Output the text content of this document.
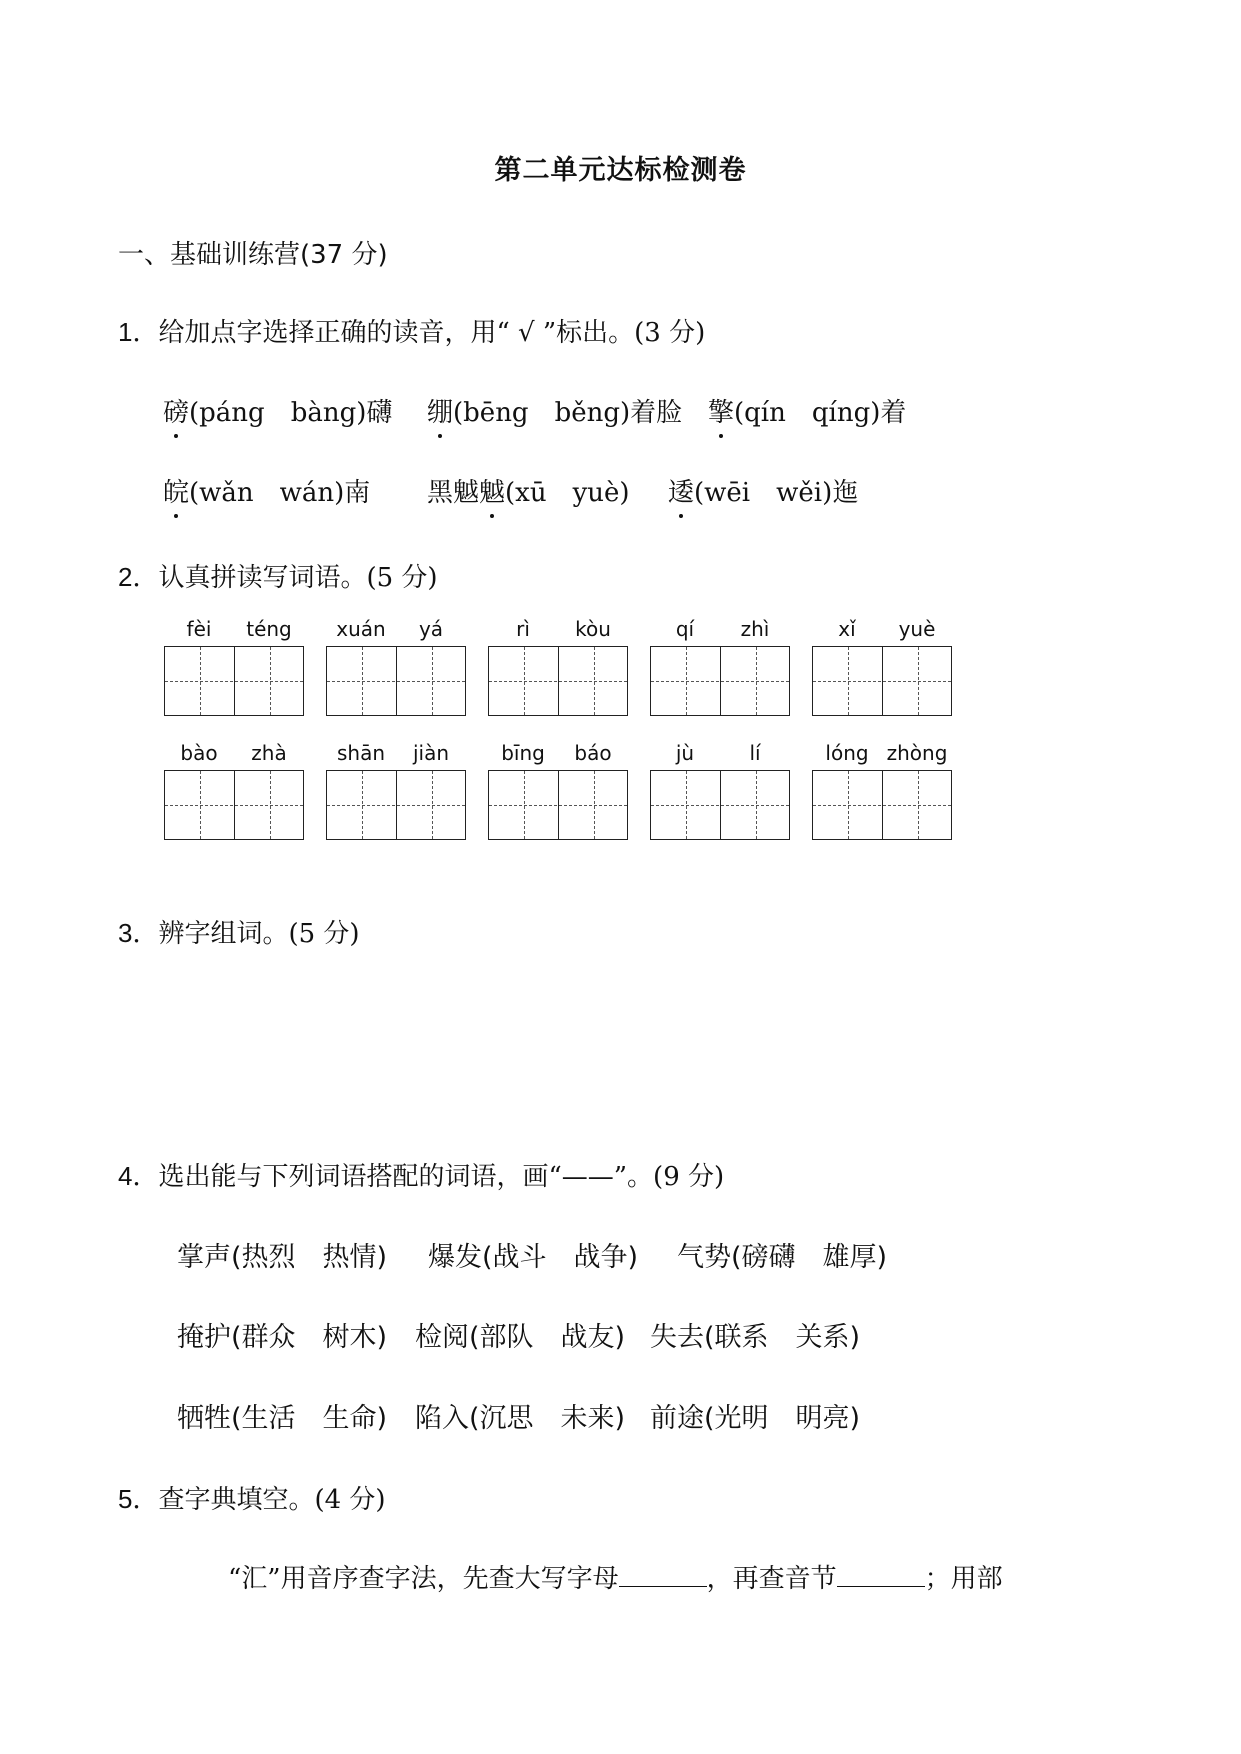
第二单元达标检测卷
一、基础训练营(37 分)
1．给加点字选择正确的读音，用“ √ ”标出。(3 分)
磅(páng　bàng)礴 绷(bēng　běng)着脸 擎(qín　qíng)着
皖(wǎn　wán)南 黑魆魆(xū　yuè) 逶(wēi　wěi)迤
2．认真拼读写词语。(5 分)
fèi	téng	xuán	yá	rì	kòu	qí	zhì	xǐ	yuè
bào	zhà	shān	jiàn	bīng	báo	jù	lí	lóng zhòng
3．辨字组词。(5 分)
4．选出能与下列词语搭配的词语，画“——”。(9 分)
掌声(热烈　热情) 爆发(战斗　战争) 气势(磅礴　雄厚)
掩护(群众　树木) 检阅(部队　战友) 失去(联系　关系)
牺牲(生活　生命) 陷入(沉思　未来) 前途(光明　明亮)
5．查字典填空。(4 分)
“汇”用音序查字法，先查大写字母	，再查音节	；用部
